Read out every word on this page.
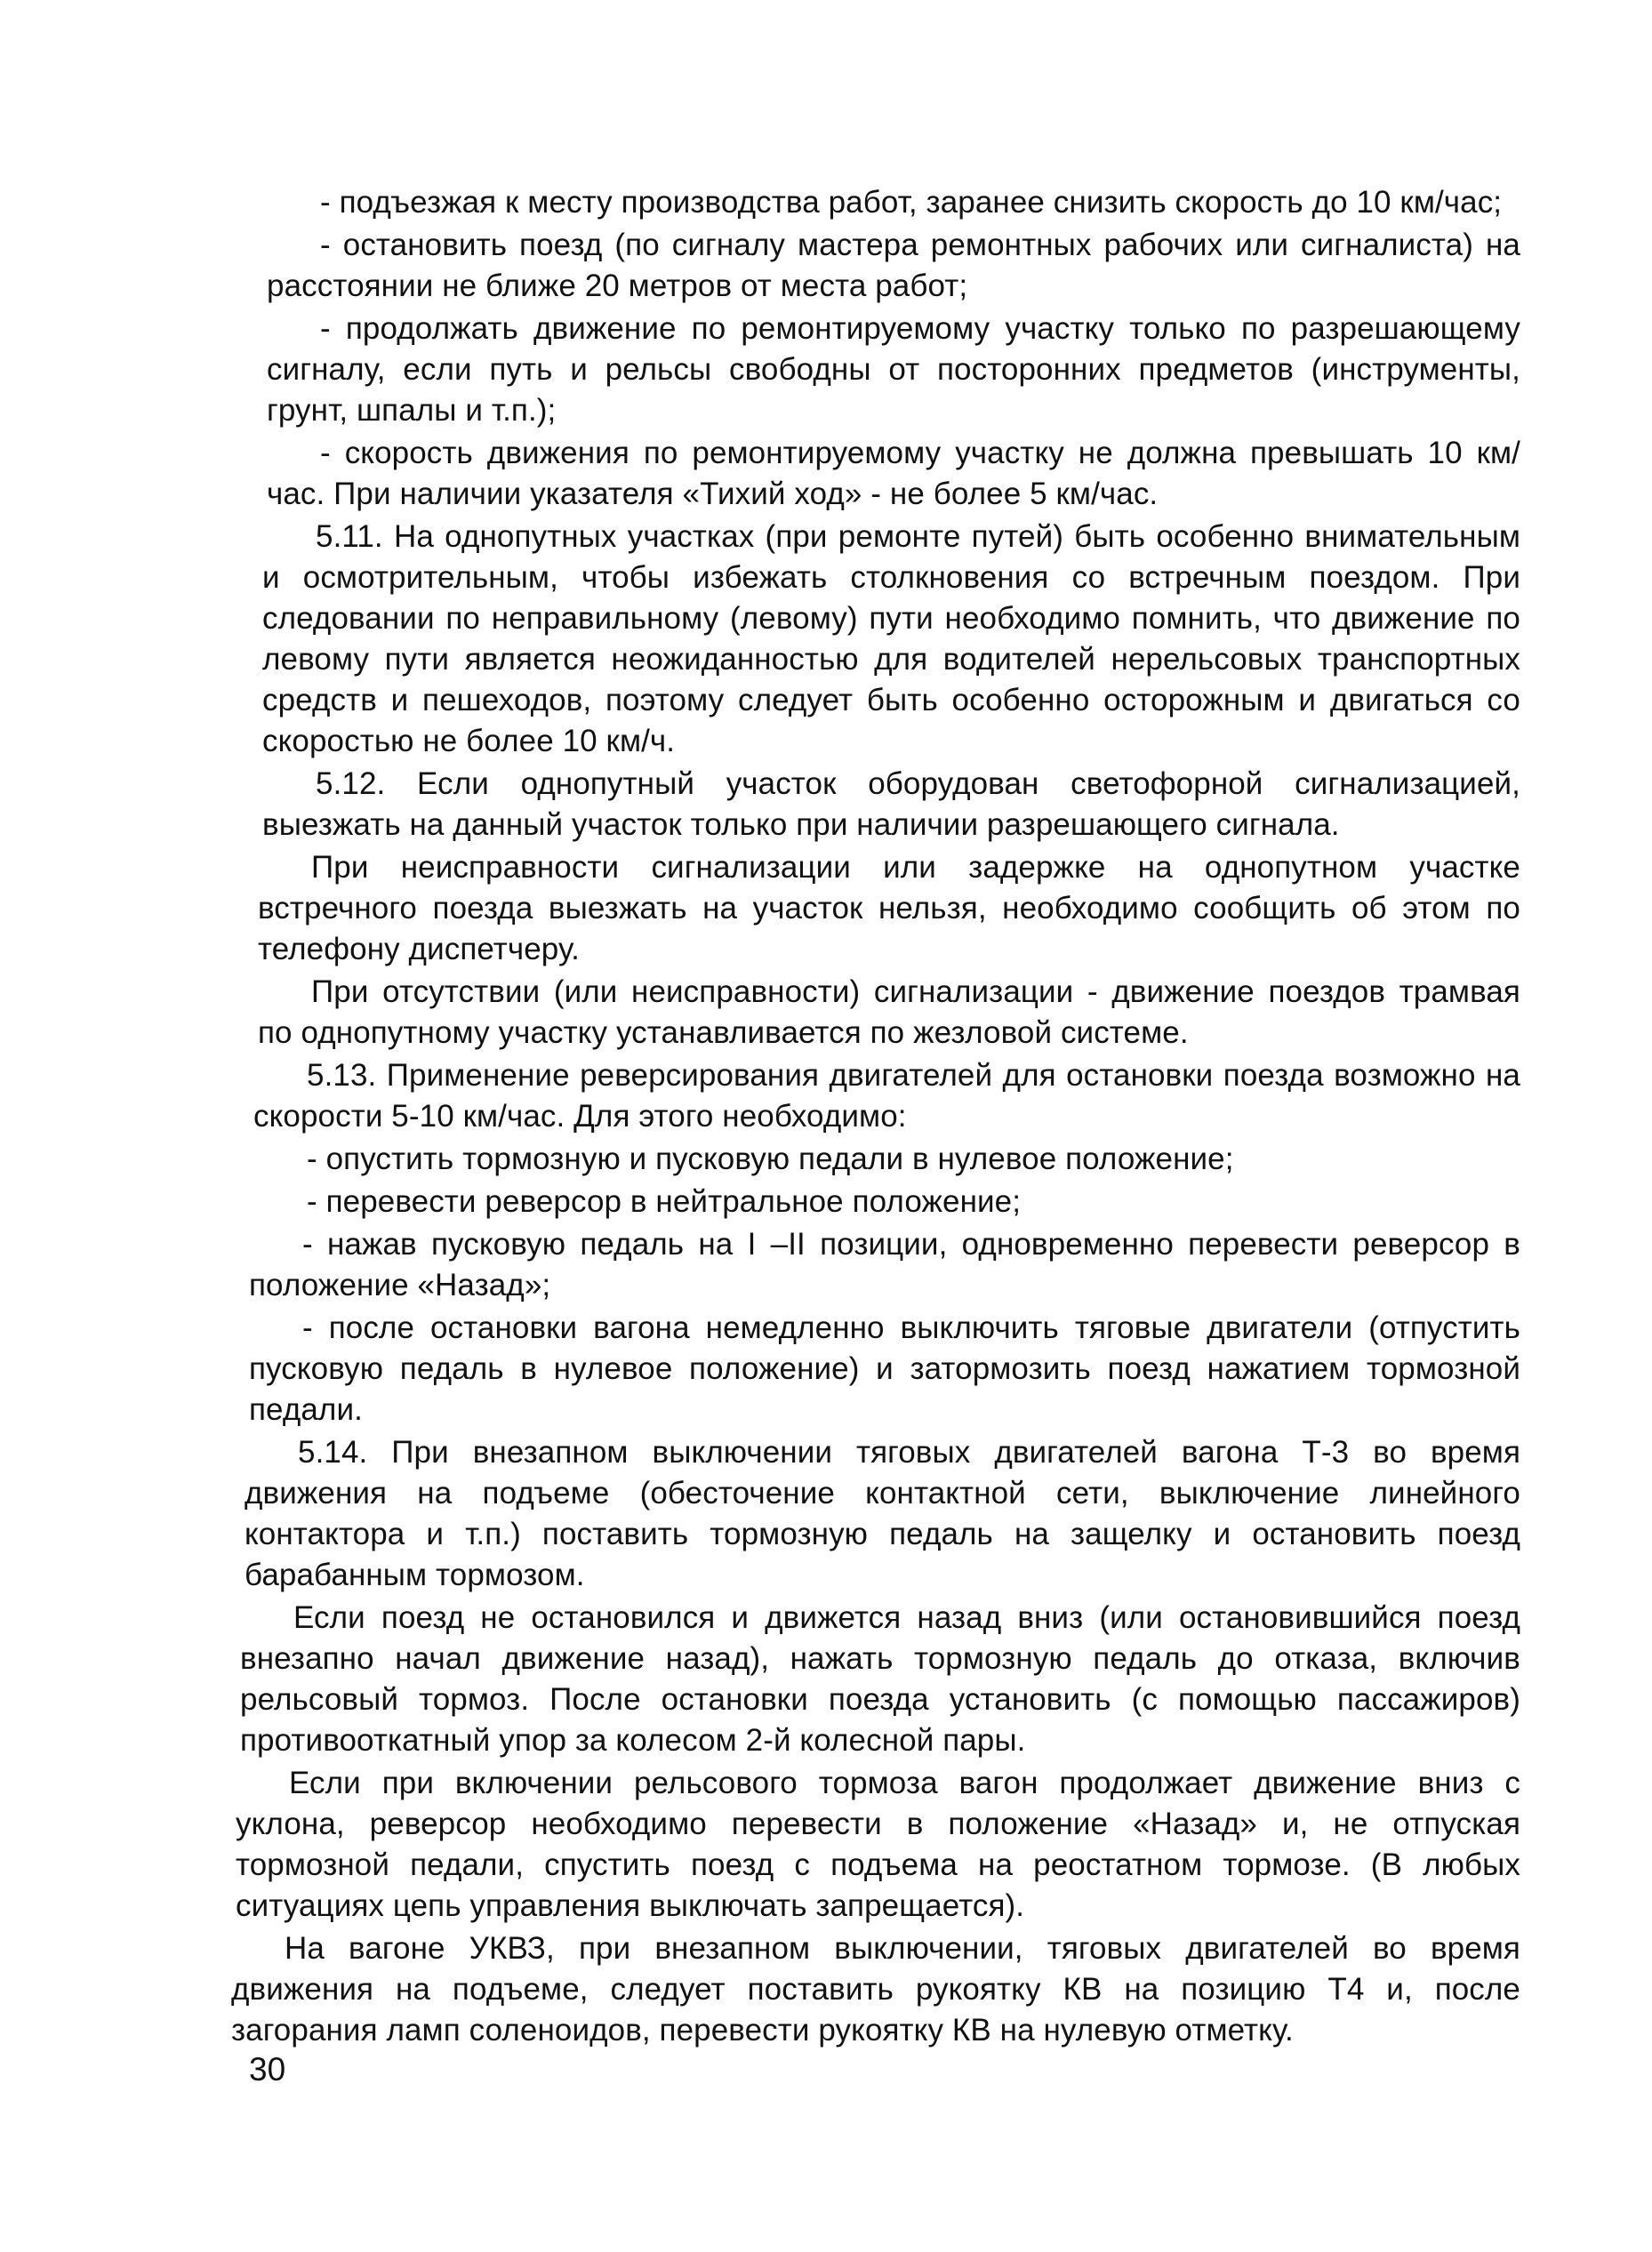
- подъезжая к месту производства работ, заранее снизить скорость до 10 км/час;

- остановить поезд (по сигналу мастера ремонтных рабочих или сигналиста) на расстоянии не ближе 20 метров от места работ;

- продолжать движение по ремонтируемому участку только по разрешающему сигналу, если путь и рельсы свободны от посторонних предметов (инструменты, грунт, шпалы и т.п.);

- скорость движения по ремонтируемому участку не должна превышать 10 км/час. При наличии указателя «Тихий ход» - не более 5 км/час.

5.11. На однопутных участках (при ремонте путей) быть особенно внимательным и осмотрительным, чтобы избежать столкновения со встречным поездом. При следовании по неправильному (левому) пути необходимо помнить, что движение по левому пути является неожиданностью для водителей нерельсовых транспортных средств и пешеходов, поэтому следует быть особенно осторожным и двигаться со скоростью не более 10 км/ч.

5.12. Если однопутный участок оборудован светофорной сигнализацией, выезжать на данный участок только при наличии разрешающего сигнала.

При неисправности сигнализации или задержке на однопутном участке встречного поезда выезжать на участок нельзя, необходимо сообщить об этом по телефону диспетчеру.

При отсутствии (или неисправности) сигнализации - движение поездов трамвая по однопутному участку устанавливается по жезловой системе.

5.13. Применение реверсирования двигателей для остановки поезда возможно на скорости 5-10 км/час. Для этого необходимо:

- опустить тормозную и пусковую педали в нулевое положение;

- перевести реверсор в нейтральное положение;

- нажав пусковую педаль на I –II позиции, одновременно перевести реверсор в положение «Назад»;

- после остановки вагона немедленно выключить тяговые двигатели (отпустить пусковую педаль в нулевое положение) и затормозить поезд нажатием тормозной педали.

5.14. При внезапном выключении тяговых двигателей вагона Т-3 во время движения на подъеме (обесточение контактной сети, выключение линейного контактора и т.п.) поставить тормозную педаль на защелку и остановить поезд барабанным тормозом.

Если поезд не остановился и движется назад вниз (или остановившийся поезд внезапно начал движение назад), нажать тормозную педаль до отказа, включив рельсовый тормоз. После остановки поезда установить (с помощью пассажиров) противооткатный упор за колесом 2-й колесной пары.

Если при включении рельсового тормоза вагон продолжает движение вниз с уклона, реверсор необходимо перевести в положение «Назад» и, не отпуская тормозной педали, спустить поезд с подъема на реостатном тормозе. (В любых ситуациях цепь управления выключать запрещается).

На вагоне УКВЗ, при внезапном выключении, тяговых двигателей во время движения на подъеме, следует поставить рукоятку КВ на позицию Т4 и, после загорания ламп соленоидов, перевести рукоятку КВ на нулевую отметку.

30
